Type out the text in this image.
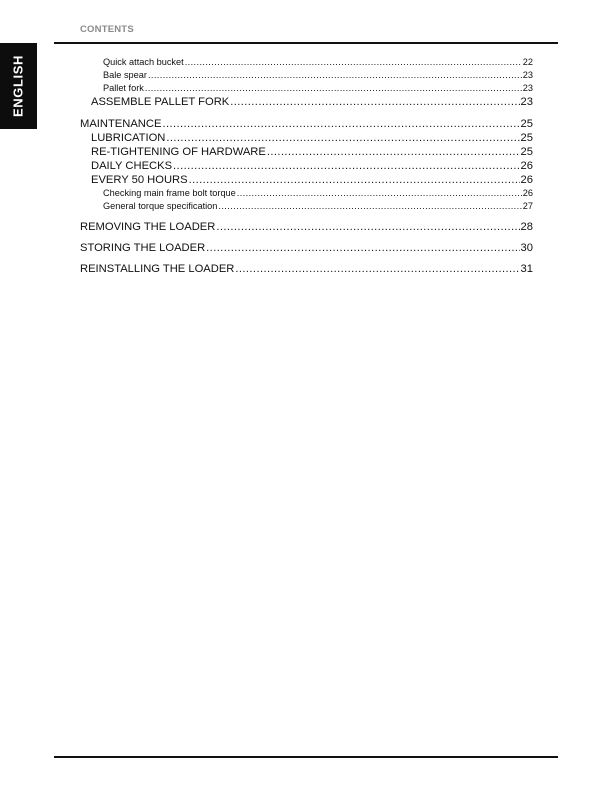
CONTENTS
ENGLISH	Quick attach bucket .....	22
Bale spear .....	23
Pallet fork .....	23
ASSEMBLE PALLET FORK .....	23
MAINTENANCE .....	25
LUBRICATION .....	25
RE-TIGHTENING OF HARDWARE .....	25
DAILY CHECKS .....	26
EVERY 50 HOURS .....	26
Checking main frame bolt torque .....	26
General torque specification .....	27
REMOVING THE LOADER .....	28
STORING THE LOADER .....	30
REINSTALLING THE LOADER .....	31
